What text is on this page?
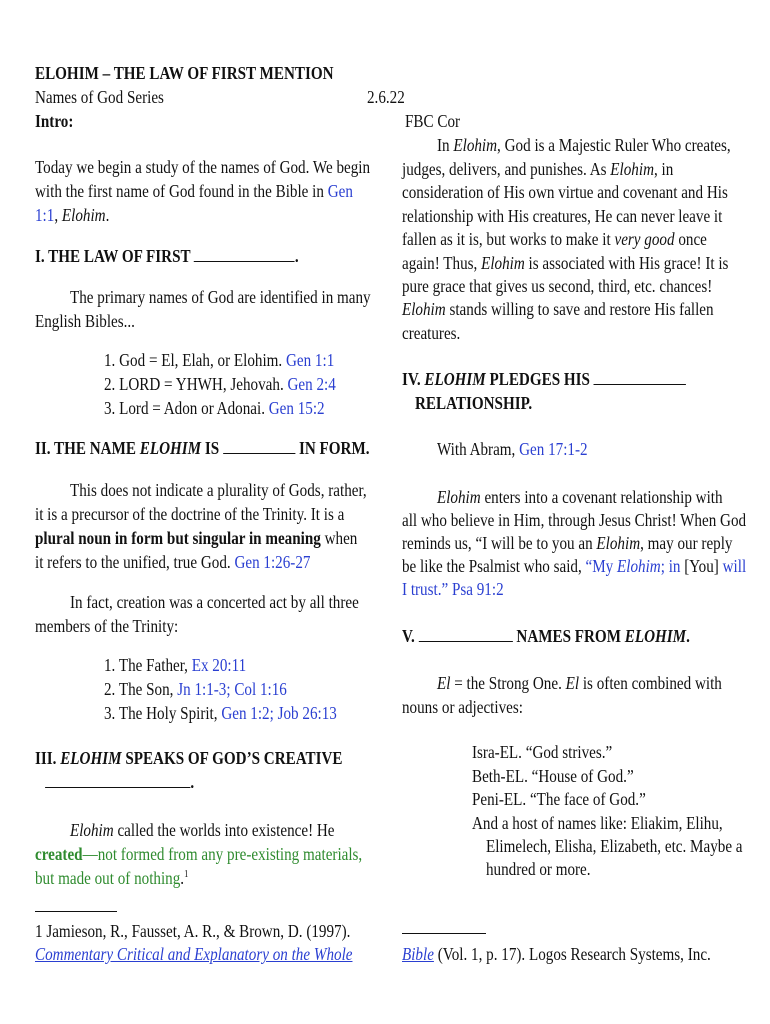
ELOHIM – THE LAW OF FIRST MENTION
Names of God Series	2.6.22
Intro:	FBC Cor
Today we begin a study of the names of God. We begin
with the first name of God found in the Bible in Gen
1:1, Elohim.
I. THE LAW OF FIRST	.
The primary names of God are identified in many
English Bibles...
1. God = El, Elah, or Elohim. Gen 1:1
2. LORD = YHWH, Jehovah. Gen 2:4
3. Lord = Adon or Adonai. Gen 15:2
II. THE NAME ELOHIM IS	IN FORM.
This does not indicate a plurality of Gods, rather,
it is a precursor of the doctrine of the Trinity. It is a
plural noun in form but singular in meaning when
it refers to the unified, true God. Gen 1:26-27
In fact, creation was a concerted act by all three
members of the Trinity:
1. The Father, Ex 20:11
2. The Son, Jn 1:1-3; Col 1:16
3. The Holy Spirit, Gen 1:2; Job 26:13
III. ELOHIM SPEAKS OF GOD’S CREATIVE
.
Elohim called the worlds into existence! He
created—not formed from any pre-existing materials,
but made out of nothing.$^1$
1 Jamieson, R., Fausset, A. R., & Brown, D. (1997).
Commentary Critical and Explanatory on the Whole	Bible (Vol. 1, p. 17). Logos Research Systems, Inc.
In Elohim, God is a Majestic Ruler Who creates,
judges, delivers, and punishes. As Elohim, in
consideration of His own virtue and covenant and His
relationship with His creatures, He can never leave it
fallen as it is, but works to make it very good once
again! Thus, Elohim is associated with His grace! It is
pure grace that gives us second, third, etc. chances!
Elohim stands willing to save and restore His fallen
creatures.
IV. ELOHIM PLEDGES HIS
RELATIONSHIP.
With Abram, Gen 17:1-2
Elohim enters into a covenant relationship with
all who believe in Him, through Jesus Christ! When God
reminds us, “I will be to you an Elohim, may our reply
be like the Psalmist who said, “My Elohim; in [You] will
I trust.” Psa 91:2
V.	NAMES FROM ELOHIM.
El = the Strong One. El is often combined with
nouns or adjectives:
Isra-EL. “God strives.”
Beth-EL. “House of God.”
Peni-EL. “The face of God.”
And a host of names like: Eliakim, Elihu,
Elimelech, Elisha, Elizabeth, etc. Maybe a
hundred or more.
